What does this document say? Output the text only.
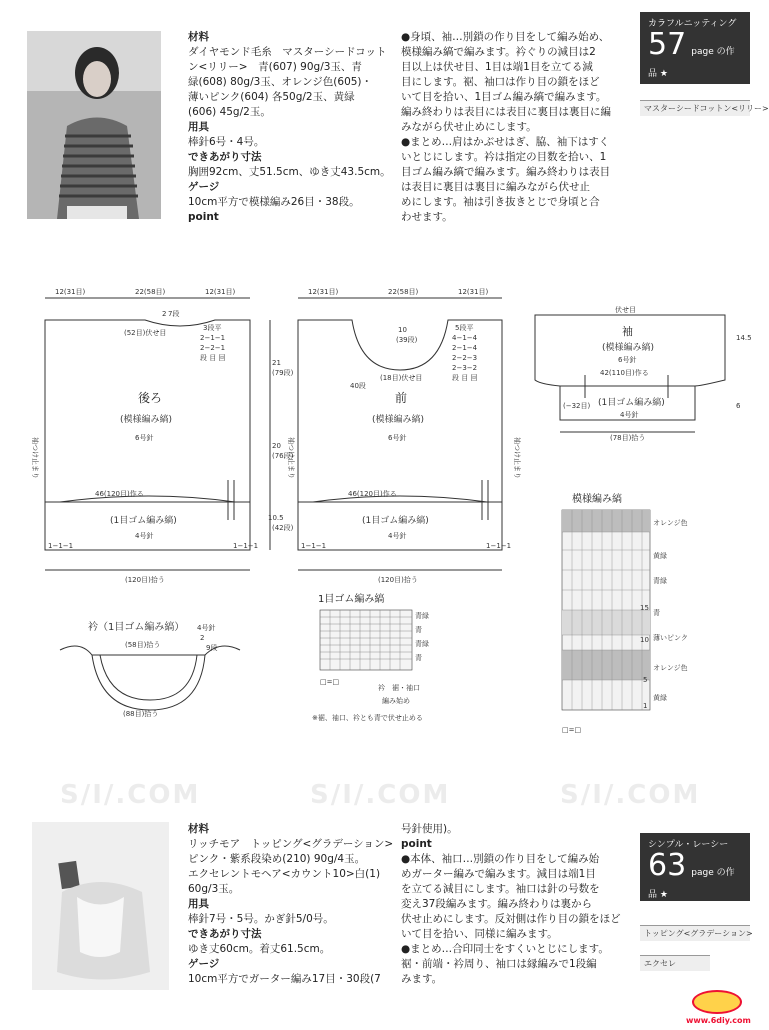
材料
ダイヤモンド毛糸　マスターシードコット
ン<リリー>　青(607) 90g/3玉、青
緑(608) 80g/3玉、オレンジ色(605)・
薄いピンク(604) 各50g/2玉、黄緑
(606) 45g/2玉。
用具
棒針6号・4号。
できあがり寸法
胸囲92cm、丈51.5cm、ゆき丈43.5cm。
ゲージ
10cm平方で模様編み26目・38段。
point
●身頃、袖…別鎖の作り目をして編み始め、
模様編み縞で編みます。衿ぐりの減目は2
目以上は伏せ目、1目は端1目を立てる減
目にします。裾、袖口は作り目の鎖をほど
いて目を拾い、1目ゴム編み縞で編みます。
編み終わりは表目には表目に裏目は裏目に編
みながら伏せ止めにします。
●まとめ…肩はかぶせはぎ、脇、袖下はすく
いとじにします。衿は指定の目数を拾い、1
目ゴム編み縞で編みます。編み終わりは表目
は表目に裏目は裏目に編みながら伏せ止
めにします。袖は引き抜きとじで身頃と合
わせます。
カラフルニッティング
57 page の作品 ★
マスターシードコットン<リリー>
12(31目)	22(58目)	12(31目)
(52目)伏せ目
2 7段
3段平
2−1−1
2−2−1
段 目 回
後ろ
(模様編み縞)
6号針
46(120目)作る
(1目ゴム編み縞)
4号針
1−1−1	1−1−1
(120目)拾う
21
(79段)
20
(76段)
10.5
(42段)
袖つけ止まり
12(31目)	22(58目)	12(31目)
10
(39段)
(18目)伏せ目
40段
5段平
4−1−4
2−1−4
2−2−3
2−3−2
段 目 回
前
(模様編み縞)
6号針
46(120目)作る
(1目ゴム編み縞)
4号針
1−1−1	1−1−1
(120目)拾う
袖つけ止まり	袖つけ止まり
伏せ目
袖
(模様編み縞)
6号針
42(110目)作る
(−32目) (1目ゴム編み縞)
4号針
(78目)拾う
14.5
6
衿（1目ゴム編み縞） 4号針
(58目)拾う
2
9段
(88目)拾う
1目ゴム編み縞
青緑
青
青緑
青
□=□
衿　裾・袖口
編み始め
※裾、袖口、衿とも青で伏せ止める
模様編み縞
オレンジ色
黄緑
青緑
青
薄いピンク
オレンジ色
黄緑
15
10
5
1
□=□
S/I/.COM	S/I/.COM	S/I/.COM
材料
リッチモア　トッピング<グラデーション>
ピンク・紫系段染め(210) 90g/4玉。
エクセレントモヘア<カウント10>白(1)
60g/3玉。
用具
棒針7号・5号。かぎ針5/0号。
できあがり寸法
ゆき丈60cm。着丈61.5cm。
ゲージ
10cm平方でガーター編み17目・30段(7
号針使用)。
point
●本体、袖口…別鎖の作り目をして編み始
めガーター編みで編みます。減目は端1目
を立てる減目にします。袖口は針の号数を
変え37段編みます。編み終わりは裏から
伏せ止めにします。反対側は作り目の鎖をほど
いて目を拾い、同様に編みます。
●まとめ…合印同士をすくいとじにします。
裾・前端・衿周り、袖口は縁編みで1段編
みます。
シンプル・レーシー
63 page の作品 ★
トッピング<グラデーション>
エクセレ
www.6diy.com
